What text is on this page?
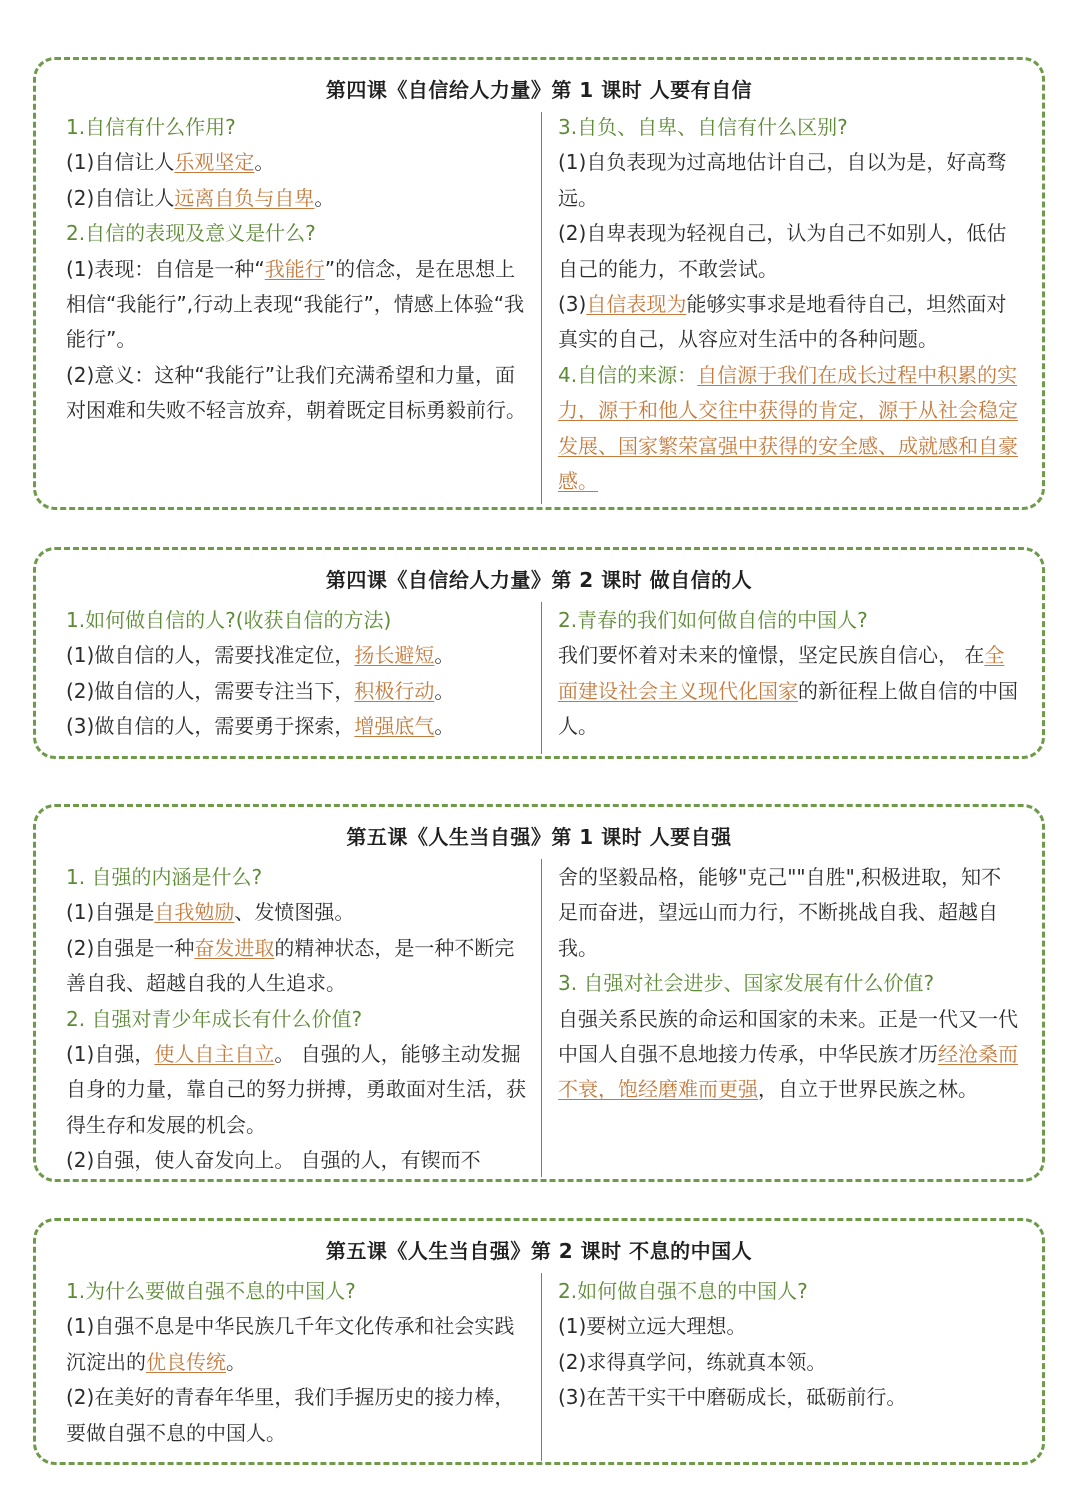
第四课《自信给人力量》第 1 课时 人要有自信

1.自信有什么作用?

(1)自信让人乐观坚定。

(2)自信让人远离自负与自卑。

2.自信的表现及意义是什么?

(1)表现：自信是一种“我能行”的信念，是在思想上相信“我能行”,行动上表现“我能行”，情感上体验“我能行”。

(2)意义：这种“我能行”让我们充满希望和力量，面对困难和失败不轻言放弃，朝着既定目标勇毅前行。

3.自负、自卑、自信有什么区别?

(1)自负表现为过高地估计自己，自以为是，好高骛远。

(2)自卑表现为轻视自己，认为自己不如别人，低估自己的能力，不敢尝试。

(3)自信表现为能够实事求是地看待自己，坦然面对真实的自己，从容应对生活中的各种问题。

4.自信的来源：自信源于我们在成长过程中积累的实力，源于和他人交往中获得的肯定，源于从社会稳定发展、国家繁荣富强中获得的安全感、成就感和自豪感。

第四课《自信给人力量》第 2 课时 做自信的人

1.如何做自信的人?(收获自信的方法)

(1)做自信的人，需要找准定位，扬长避短。

(2)做自信的人，需要专注当下，积极行动。

(3)做自信的人，需要勇于探索，增强底气。

2.青春的我们如何做自信的中国人?

我们要怀着对未来的憧憬，坚定民族自信心， 在全面建设社会主义现代化国家的新征程上做自信的中国人。

第五课《人生当自强》第 1 课时 人要自强

1. 自强的内涵是什么?

(1)自强是自我勉励、发愤图强。

(2)自强是一种奋发进取的精神状态，是一种不断完善自我、超越自我的人生追求。

2. 自强对青少年成长有什么价值?

(1)自强，使人自主自立。 自强的人，能够主动发掘自身的力量，靠自己的努力拼搏，勇敢面对生活，获得生存和发展的机会。

(2)自强，使人奋发向上。 自强的人，有锲而不

舍的坚毅品格，能够"克己""自胜",积极进取，知不足而奋进，望远山而力行，不断挑战自我、超越自我。

3. 自强对社会进步、国家发展有什么价值?

自强关系民族的命运和国家的未来。正是一代又一代中国人自强不息地接力传承，中华民族才历经沧桑而不衰，饱经磨难而更强，自立于世界民族之林。

第五课《人生当自强》第 2 课时 不息的中国人

1.为什么要做自强不息的中国人?

(1)自强不息是中华民族几千年文化传承和社会实践沉淀出的优良传统。

(2)在美好的青春年华里，我们手握历史的接力棒，要做自强不息的中国人。

2.如何做自强不息的中国人?

(1)要树立远大理想。

(2)求得真学问，练就真本领。

(3)在苦干实干中磨砺成长，砥砺前行。
